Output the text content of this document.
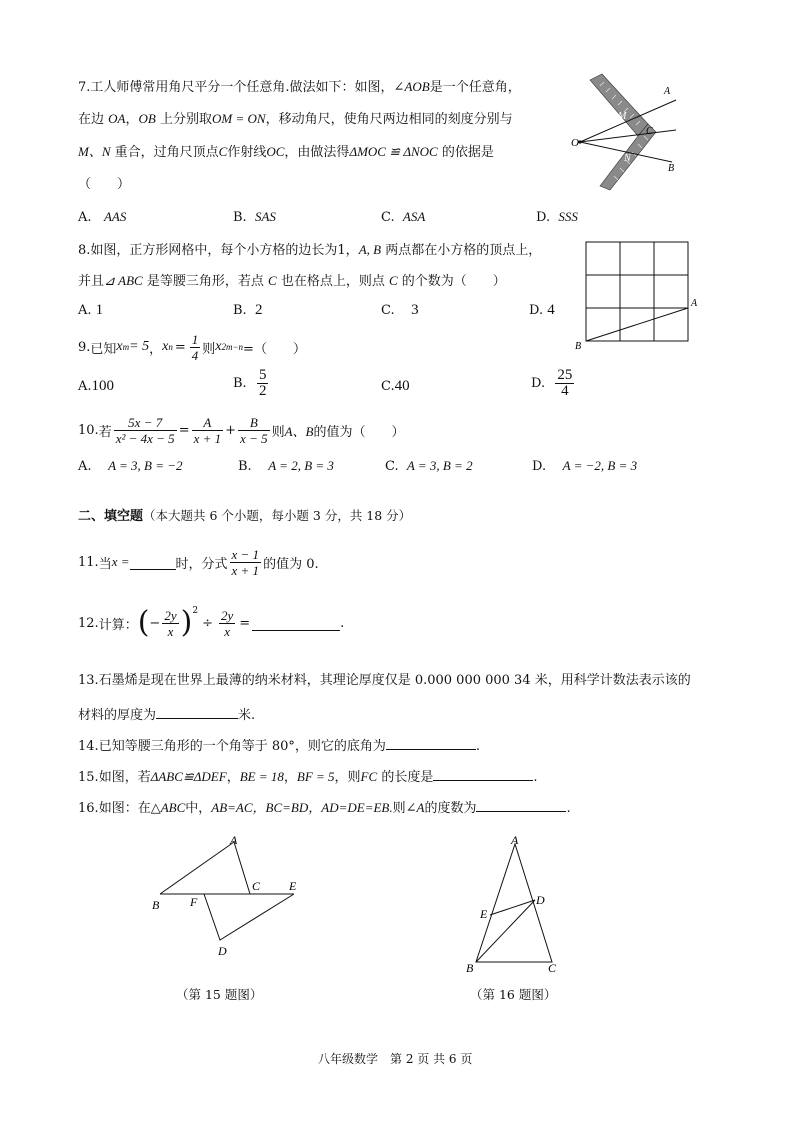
7.工人师傅常用角尺平分一个任意角.做法如下：如图，∠AOB是一个任意角，
在边 OA，OB 上分别取OM = ON，移动角尺，使角尺两边相同的刻度分别与
M、N 重合，过角尺顶点C作射线OC，由做法得ΔMOC ≌ ΔNOC 的依据是
（　　）
A. AAS	B. SAS	C. ASA	D. SSS
O
A
B
M
N
C
8.如图，正方形网格中，每个小方格的边长为1，A, B 两点都在小方格的顶点上，
并且⊿ ABC 是等腰三角形，若点 C 也在格点上，则点 C 的个数为（　　）
A. 1	B. 2	C. 3	D. 4	A
B
9. 已知 x m = 5 ， x $n = \frac{1}{4}$ 则 x 2m−n =（　　）
A.100	B.
$\frac{5}{2}$	C.40	D.
$\frac{25}{4}$
10. 若 $\frac{5x - 7}{\text{x² − 4x − 5}} = \frac{A}{x + 1} + \frac{B}{x - 5}$ 则 A、B 的值为（　　）
A. A = 3, B = −2	B. A = 2, B = 3	C. A = 3, B = 2	D. A = −2, B = 3
二、填空题（本大题共 6 个小题，每小题 3 分，共 18 分）
11. 当 x =	时，分式 $\frac{x - 1}{x + 1}$ 的值为 0.
12. 计算： ( − $\frac{2y}{x} )^2$
÷ $\frac{2y}{x}$ =	.
13.石墨烯是现在世界上最薄的纳米材料，其理论厚度仅是 0.000 000 000 34 米，用科学计数法表示该的
材料的厚度为	米.
14.已知等腰三角形的一个角等于 80°，则它的底角为	.
15.如图，若ΔABC≌ΔDEF，BE = 18，BF = 5，则FC 的长度是	.
16.如图：在△ABC中，AB=AC，BC=BD，AD=DE=EB.则∠A的度数为	.
A
B
C
D
E
F
（第 15 题图）
A
B	C
D
E
（第 16 题图）
八年级数学　第 2 页 共 6 页
